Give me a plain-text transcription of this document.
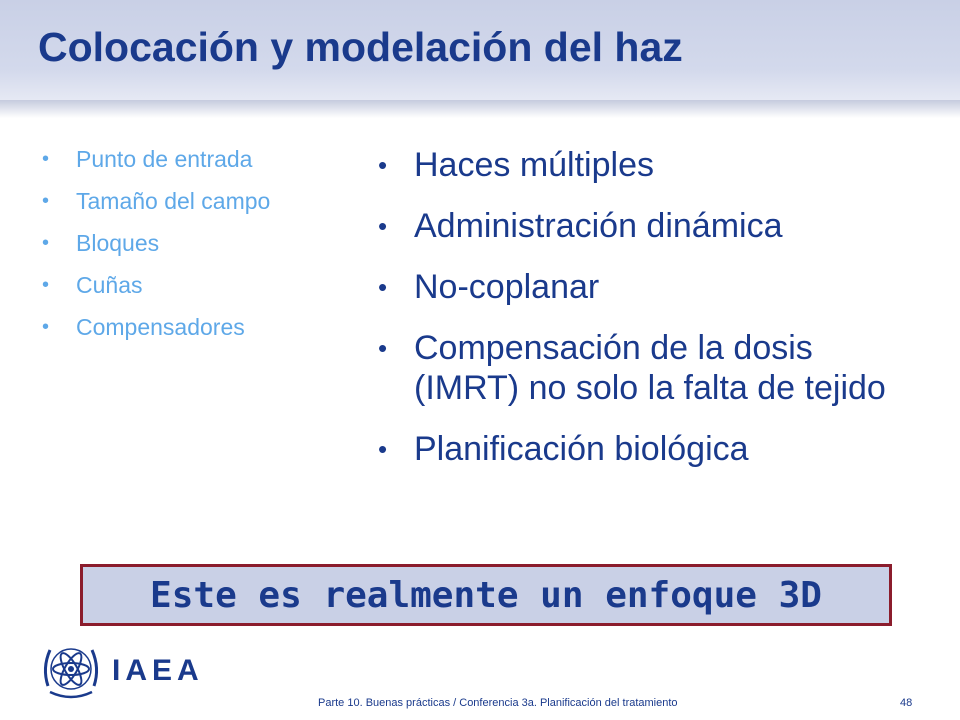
Colocación y modelación del haz
• Punto de entrada
• Tamaño del campo
• Bloques
• Cuñas
• Compensadores
• Haces múltiples
• Administración dinámica
• No-coplanar
• Compensación de la dosis (IMRT) no solo la falta de tejido
• Planificación biológica
Este es realmente un enfoque 3D
IAEA
Parte 10. Buenas prácticas / Conferencia 3a. Planificación del tratamiento	48
